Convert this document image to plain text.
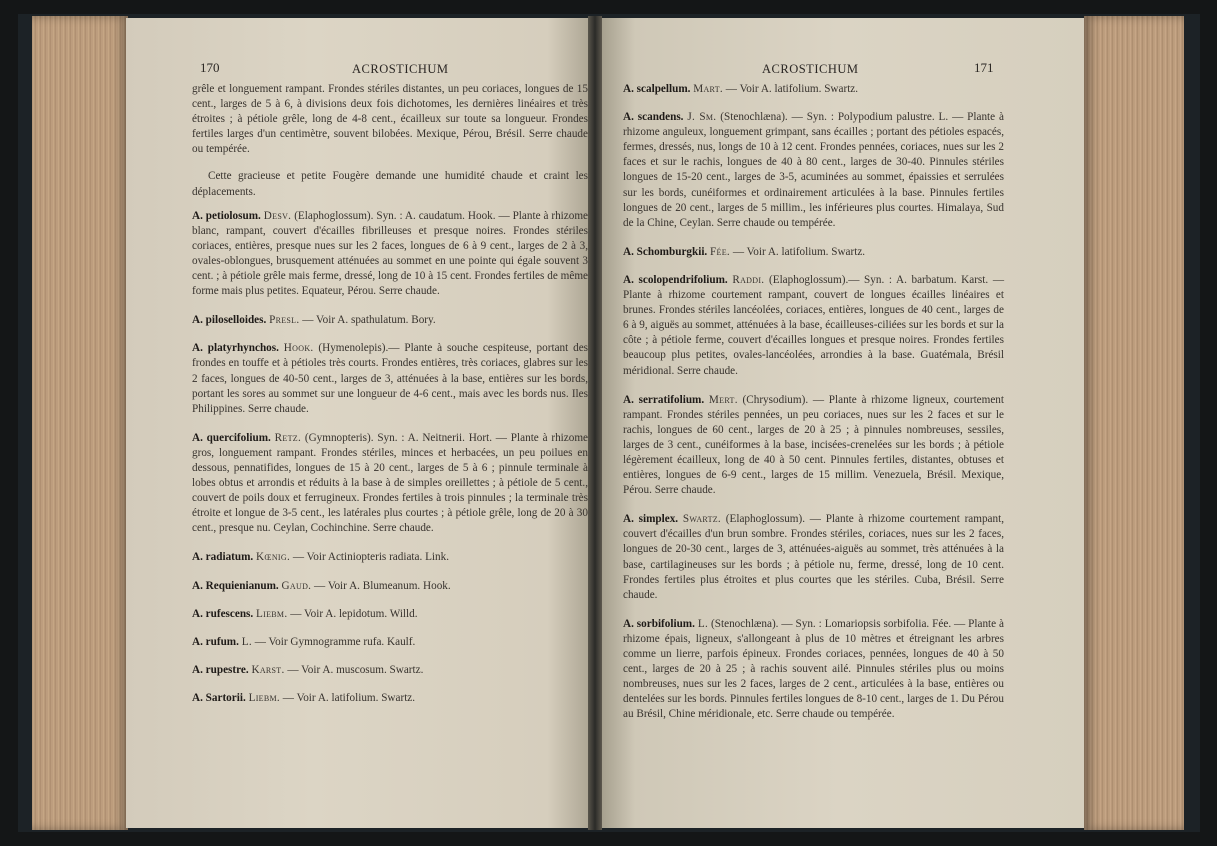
170	ACROSTICHUM

grêle et longuement rampant. Frondes stériles distantes, un peu coriaces, longues de 15 cent., larges de 5 à 6, à divisions deux fois dichotomes, les dernières linéaires et très étroites ; à pétiole grêle, long de 4-8 cent., écailleux sur toute sa longueur. Frondes fertiles larges d'un centimètre, souvent bilobées. Mexique, Pérou, Brésil. Serre chaude ou tempérée.

Cette gracieuse et petite Fougère demande une humidité chaude et craint les déplacements.

A. petiolosum. Desv. (Elaphoglossum). Syn. : A. caudatum. Hook. — Plante à rhizome blanc, rampant, couvert d'écailles fibrilleuses et presque noires. Frondes stériles coriaces, entières, presque nues sur les 2 faces, longues de 6 à 9 cent., larges de 2 à 3, ovales-oblongues, brusquement atténuées au sommet en une pointe qui égale souvent 3 cent. ; à pétiole grêle mais ferme, dressé, long de 10 à 15 cent. Frondes fertiles de même forme mais plus petites. Equateur, Pérou. Serre chaude.

A. piloselloides. Presl. — Voir A. spathulatum. Bory.

A. platyrhynchos. Hook. (Hymenolepis).— Plante à souche cespiteuse, portant des frondes en touffe et à pétioles très courts. Frondes entières, très coriaces, glabres sur les 2 faces, longues de 40-50 cent., larges de 3, atténuées à la base, entières sur les bords, portant les sores au sommet sur une longueur de 4-6 cent., mais avec les bords nus. Iles Philippines. Serre chaude.

A. quercifolium. Retz. (Gymnopteris). Syn. : A. Neitnerii. Hort. — Plante à rhizome gros, longuement rampant. Frondes stériles, minces et herbacées, un peu poilues en dessous, pennatifides, longues de 15 à 20 cent., larges de 5 à 6 ; pinnule terminale à lobes obtus et arrondis et réduits à la base à de simples oreillettes ; à pétiole de 5 cent., couvert de poils doux et ferrugineux. Frondes fertiles à trois pinnules ; la terminale très étroite et longue de 3-5 cent., les latérales plus courtes ; à pétiole grêle, long de 20 à 30 cent., presque nu. Ceylan, Cochinchine. Serre chaude.

A. radiatum. Kœnig. — Voir Actiniopteris radiata. Link.

A. Requienianum. Gaud. — Voir A. Blumeanum. Hook.

A. rufescens. Liebm. — Voir A. lepidotum. Willd.

A. rufum. L. — Voir Gymnogramme rufa. Kaulf.

A. rupestre. Karst. — Voir A. muscosum. Swartz.

A. Sartorii. Liebm. — Voir A. latifolium. Swartz.

ACROSTICHUM	171

A. scalpellum. Mart. — Voir A. latifolium. Swartz.

A. scandens. J. Sm. (Stenochlæna). — Syn. : Polypodium palustre. L. — Plante à rhizome anguleux, longuement grimpant, sans écailles ; portant des pétioles espacés, fermes, dressés, nus, longs de 10 à 12 cent. Frondes pennées, coriaces, nues sur les 2 faces et sur le rachis, longues de 40 à 80 cent., larges de 30-40. Pinnules stériles longues de 15-20 cent., larges de 3-5, acuminées au sommet, épaissies et serrulées sur les bords, cunéiformes et ordinairement articulées à la base. Pinnules fertiles longues de 20 cent., larges de 5 millim., les inférieures plus courtes. Himalaya, Sud de la Chine, Ceylan. Serre chaude ou tempérée.

A. Schomburgkii. Fée. — Voir A. latifolium. Swartz.

A. scolopendrifolium. Raddi. (Elaphoglossum).— Syn. : A. barbatum. Karst. — Plante à rhizome courtement rampant, couvert de longues écailles linéaires et brunes. Frondes stériles lancéolées, coriaces, entières, longues de 40 cent., larges de 6 à 9, aiguës au sommet, atténuées à la base, écailleuses-ciliées sur les bords et sur la côte ; à pétiole ferme, couvert d'écailles longues et presque noires. Frondes fertiles beaucoup plus petites, ovales-lancéolées, arrondies à la base. Guatémala, Brésil méridional. Serre chaude.

A. serratifolium. Mert. (Chrysodium). — Plante à rhizome ligneux, courtement rampant. Frondes stériles pennées, un peu coriaces, nues sur les 2 faces et sur le rachis, longues de 60 cent., larges de 20 à 25 ; à pinnules nombreuses, sessiles, larges de 3 cent., cunéiformes à la base, incisées-crenelées sur les bords ; à pétiole légèrement écailleux, long de 40 à 50 cent. Pinnules fertiles, distantes, obtuses et entières, longues de 6-9 cent., larges de 15 millim. Venezuela, Brésil. Mexique, Pérou. Serre chaude.

A. simplex. Swartz. (Elaphoglossum). — Plante à rhizome courtement rampant, couvert d'écailles d'un brun sombre. Frondes stériles, coriaces, nues sur les 2 faces, longues de 20-30 cent., larges de 3, atténuées-aiguës au sommet, très atténuées à la base, cartilagineuses sur les bords ; à pétiole nu, ferme, dressé, long de 10 cent. Frondes fertiles plus étroites et plus courtes que les stériles. Cuba, Brésil. Serre chaude.

A. sorbifolium. L. (Stenochlæna). — Syn. : Lomariopsis sorbifolia. Fée. — Plante à rhizome épais, ligneux, s'allongeant à plus de 10 mètres et étreignant les arbres comme un lierre, parfois épineux. Frondes coriaces, pennées, longues de 40 à 50 cent., larges de 20 à 25 ; à rachis souvent ailé. Pinnules stériles plus ou moins nombreuses, nues sur les 2 faces, larges de 2 cent., articulées à la base, entières ou dentelées sur les bords. Pinnules fertiles longues de 8-10 cent., larges de 1. Du Pérou au Brésil, Chine méridionale, etc. Serre chaude ou tempérée.
